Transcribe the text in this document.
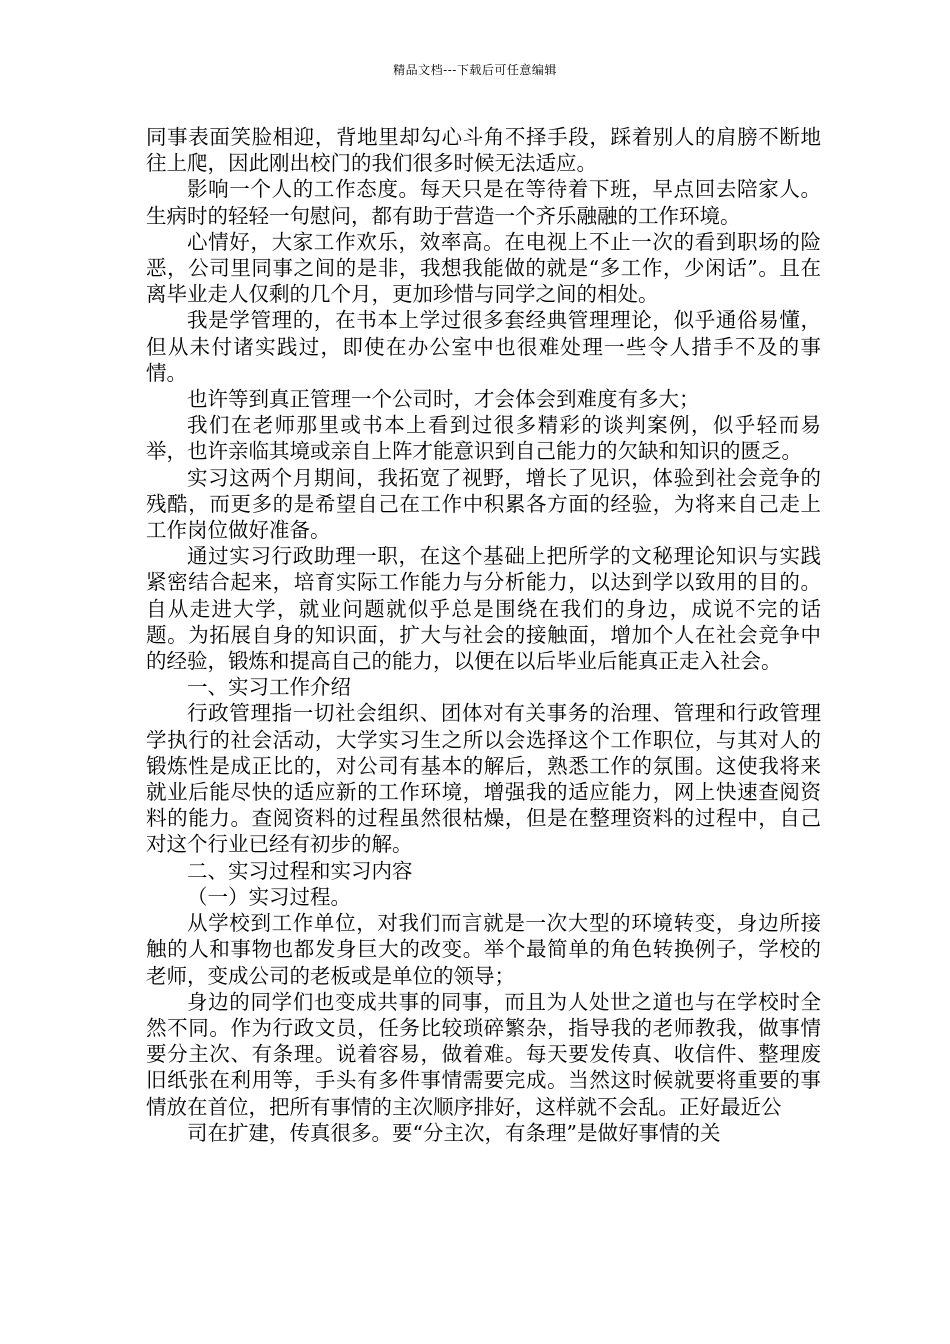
精品文档---下载后可任意编辑

同事表面笑脸相迎，背地里却勾心斗角不择手段，踩着别人的肩膀不断地往上爬，因此刚出校门的我们很多时候无法适应。

影响一个人的工作态度。每天只是在等待着下班，早点回去陪家人。生病时的轻轻一句慰问，都有助于营造一个齐乐融融的工作环境。

心情好，大家工作欢乐，效率高。在电视上不止一次的看到职场的险恶，公司里同事之间的是非，我想我能做的就是“多工作，少闲话”。且在离毕业走人仅剩的几个月，更加珍惜与同学之间的相处。

我是学管理的，在书本上学过很多套经典管理理论，似乎通俗易懂，但从未付诸实践过，即使在办公室中也很难处理一些令人措手不及的事情。

也许等到真正管理一个公司时，才会体会到难度有多大；

我们在老师那里或书本上看到过很多精彩的谈判案例，似乎轻而易举，也许亲临其境或亲自上阵才能意识到自己能力的欠缺和知识的匮乏。

实习这两个月期间，我拓宽了视野，增长了见识，体验到社会竞争的残酷，而更多的是希望自己在工作中积累各方面的经验，为将来自己走上工作岗位做好准备。

通过实习行政助理一职，在这个基础上把所学的文秘理论知识与实践紧密结合起来，培育实际工作能力与分析能力，以达到学以致用的目的。自从走进大学，就业问题就似乎总是围绕在我们的身边，成说不完的话题。为拓展自身的知识面，扩大与社会的接触面，增加个人在社会竞争中的经验，锻炼和提高自己的能力，以便在以后毕业后能真正走入社会。

一、实习工作介绍

行政管理指一切社会组织、团体对有关事务的治理、管理和行政管理学执行的社会活动，大学实习生之所以会选择这个工作职位，与其对人的锻炼性是成正比的，对公司有基本的解后，熟悉工作的氛围。这使我将来就业后能尽快的适应新的工作环境，增强我的适应能力，网上快速查阅资料的能力。查阅资料的过程虽然很枯燥，但是在整理资料的过程中，自己对这个行业已经有初步的解。

二、实习过程和实习内容

（一）实习过程。

从学校到工作单位，对我们而言就是一次大型的环境转变，身边所接触的人和事物也都发身巨大的改变。举个最简单的角色转换例子，学校的老师，变成公司的老板或是单位的领导；

身边的同学们也变成共事的同事，而且为人处世之道也与在学校时全然不同。作为行政文员，任务比较琐碎繁杂，指导我的老师教我，做事情要分主次、有条理。说着容易，做着难。每天要发传真、收信件、整理废旧纸张在利用等，手头有多件事情需要完成。当然这时候就要将重要的事情放在首位，把所有事情的主次顺序排好，这样就不会乱。正好最近公

司在扩建，传真很多。要“分主次，有条理”是做好事情的关
